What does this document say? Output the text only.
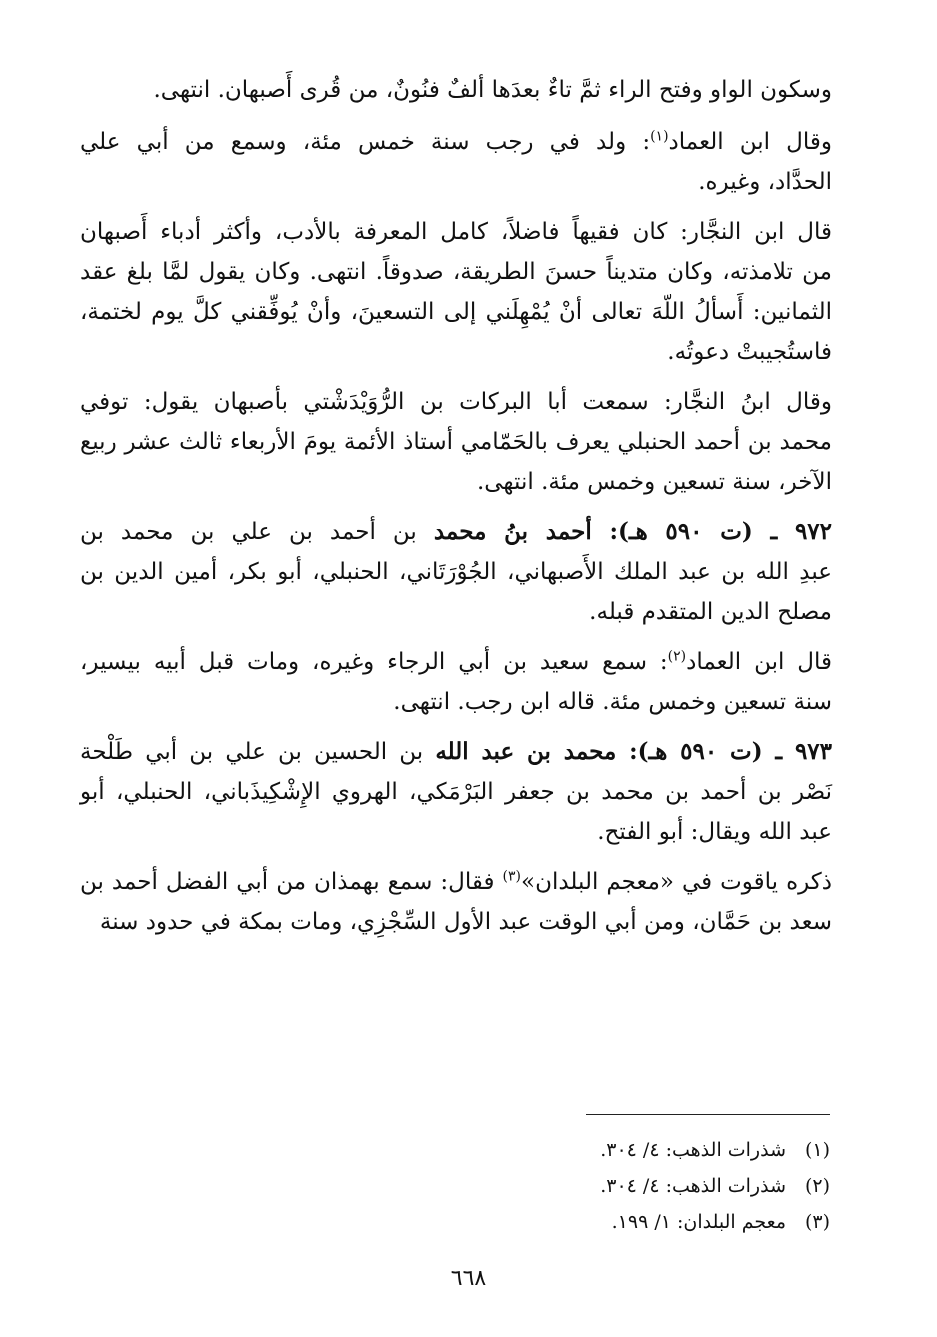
وسكون الواو وفتح الراء ثمَّ تاءٌ بعدَها ألفٌ فنُونٌ، من قُرى أَصبهان. انتهى.
وقال ابن العماد$^{(١)}$: ولد في رجب سنة خمس مئة، وسمع من أبي علي
الحدَّاد، وغيره.
قال ابن النجَّار: كان فقيهاً فاضلاً، كامل المعرفة بالأدب، وأكثر أدباء أَصبهان
من تلامذته، وكان متديناً حسنَ الطريقة، صدوقاً. انتهى. وكان يقول لمَّا بلغ عقد
الثمانين: أَسألُ اللّهَ تعالى أنْ يُمْهِلَني إلى التسعينَ، وأنْ يُوفِّقني كلَّ يوم لختمة،
فاستُجيبتْ دعوتُه.
وقال ابنُ النجَّار: سمعت أبا البركات بن الرُّوَيْدَشْتي بأصبهان يقول: توفي
محمد بن أحمد الحنبلي يعرف بالحَمّامي أستاذ الأئمة يومَ الأربعاء ثالث عشر ربيع
الآخر، سنة تسعين وخمس مئة. انتهى.
٩٧٢ ـ (ت ٥٩٠ هـ): أحمد بنُ محمد بن أحمد بن علي بن محمد بن
عبدِ الله بن عبد الملك الأَصبهاني، الجُوْرَتَاني، الحنبلي، أبو بكر، أمين الدين بن
مصلح الدين المتقدم قبله.
قال ابن العماد$^{(٢)}$: سمع سعيد بن أبي الرجاء وغيره، ومات قبل أبيه بيسير،
سنة تسعين وخمس مئة. قاله ابن رجب. انتهى.
٩٧٣ ـ (ت ٥٩٠ هـ): محمد بن عبد الله بن الحسين بن علي بن أبي طَلْحة
نَصْر بن أحمد بن محمد بن جعفر البَرْمَكي، الهروي الإِشْكِيذَباني، الحنبلي، أبو
عبد الله ويقال: أبو الفتح.
ذكره ياقوت في «معجم البلدان»$^{(٣)}$ فقال: سمع بهمذان من أبي الفضل أحمد بن
سعد بن حَمَّان، ومن أبي الوقت عبد الأول السِّجْزِي، ومات بمكة في حدود سنة
(١)شذرات الذهب: ٤/ ٣٠٤.
(٢)شذرات الذهب: ٤/ ٣٠٤.
(٣)معجم البلدان: ١/ ١٩٩.
٦٦٨
